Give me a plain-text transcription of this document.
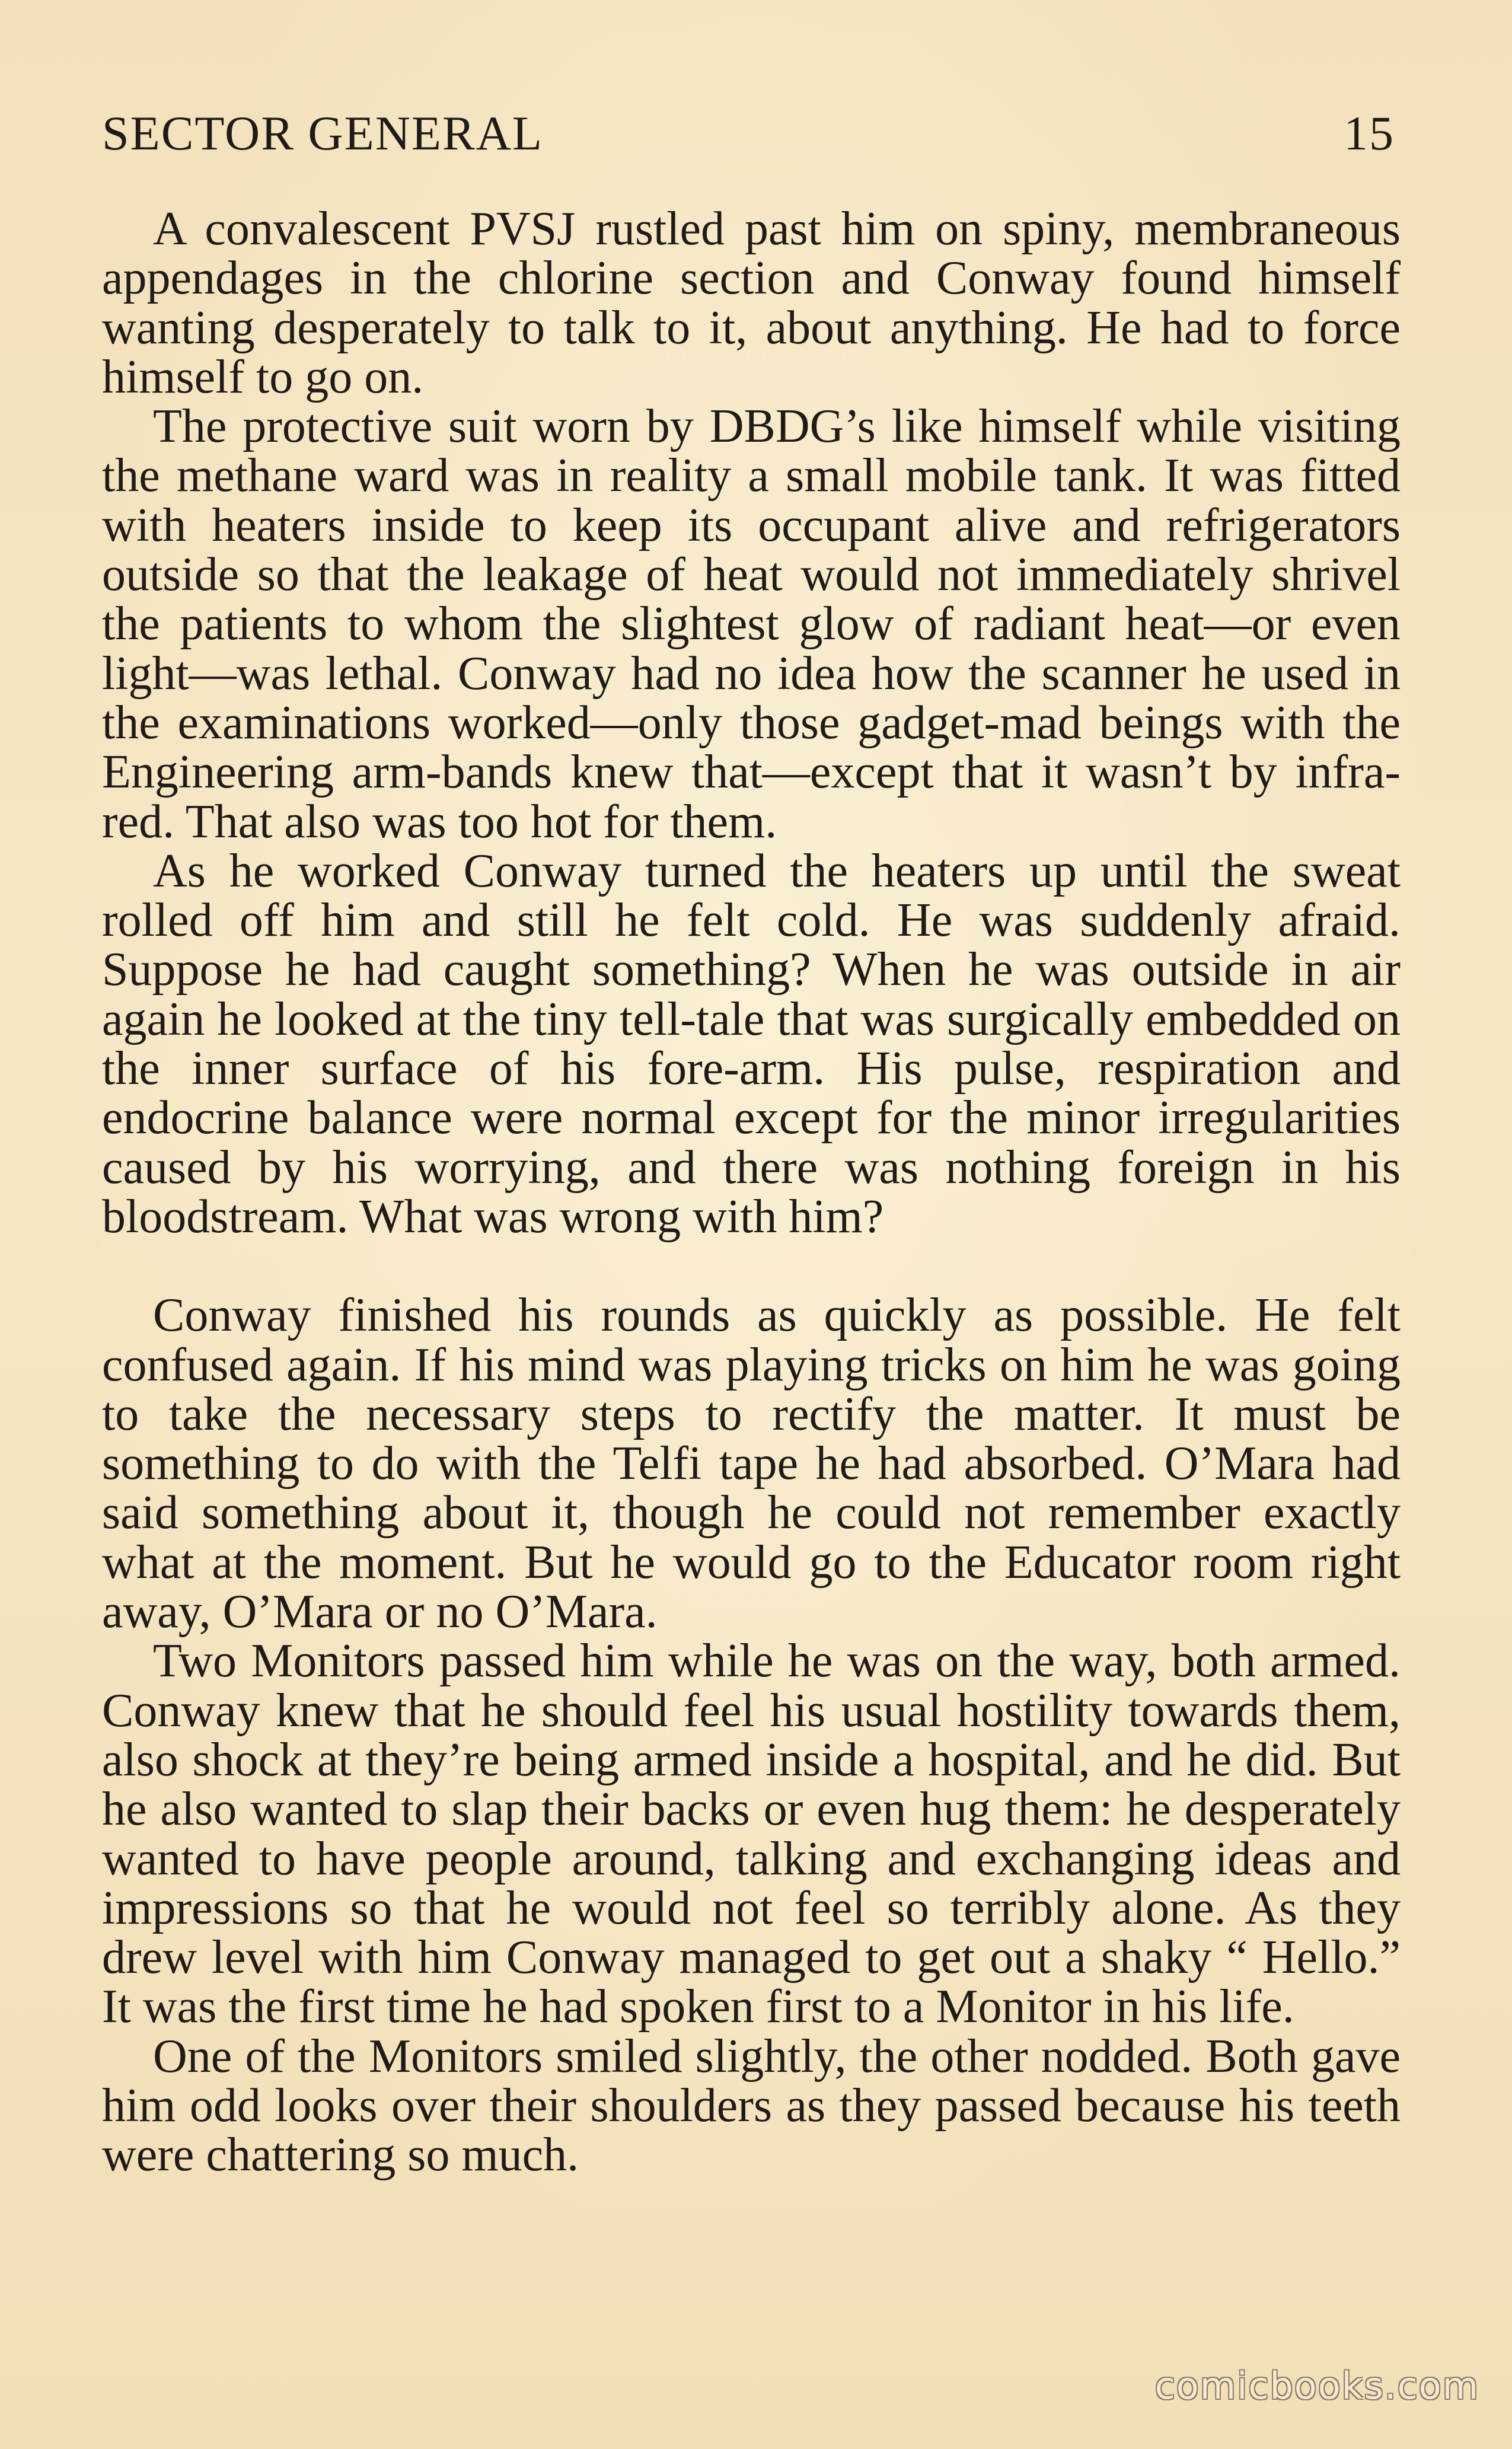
SECTOR GENERAL	15

A convalescent PVSJ rustled past him on spiny, membraneous appendages in the chlorine section and Conway found himself wanting desperately to talk to it, about anything. He had to force himself to go on.

The protective suit worn by DBDG’s like himself while visiting the methane ward was in reality a small mobile tank. It was fitted with heaters inside to keep its occupant alive and refrigerators outside so that the leakage of heat would not immediately shrivel the patients to whom the slightest glow of radiant heat—or even light—was lethal. Conway had no idea how the scanner he used in the examinations worked—only those gadget-mad beings with the Engineering arm-bands knew that—except that it wasn’t by infra-red. That also was too hot for them.

As he worked Conway turned the heaters up until the sweat rolled off him and still he felt cold. He was suddenly afraid. Suppose he had caught something? When he was outside in air again he looked at the tiny tell-tale that was surgically embedded on the inner surface of his fore-arm. His pulse, respiration and endocrine balance were normal except for the minor irregularities caused by his worrying, and there was nothing foreign in his bloodstream. What was wrong with him?

Conway finished his rounds as quickly as possible. He felt confused again. If his mind was playing tricks on him he was going to take the necessary steps to rectify the matter. It must be something to do with the Telfi tape he had absorbed. O’Mara had said something about it, though he could not remember exactly what at the moment. But he would go to the Educator room right away, O’Mara or no O’Mara.

Two Monitors passed him while he was on the way, both armed. Conway knew that he should feel his usual hostility towards them, also shock at they’re being armed inside a hospital, and he did. But he also wanted to slap their backs or even hug them: he desperately wanted to have people around, talking and exchanging ideas and impressions so that he would not feel so terribly alone. As they drew level with him Conway managed to get out a shaky “ Hello.” It was the first time he had spoken first to a Monitor in his life.

One of the Monitors smiled slightly, the other nodded. Both gave him odd looks over their shoulders as they passed because his teeth were chattering so much.

comicbooks.com
